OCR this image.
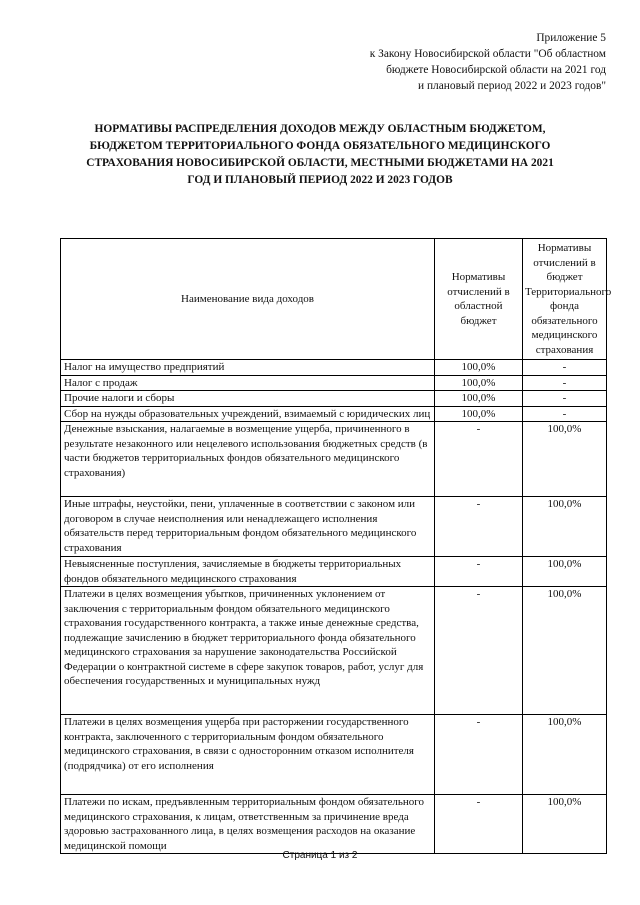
Приложение 5
к Закону Новосибирской области "Об областном
бюджете Новосибирской области на 2021 год
и плановый период 2022 и 2023 годов"
НОРМАТИВЫ РАСПРЕДЕЛЕНИЯ ДОХОДОВ МЕЖДУ ОБЛАСТНЫМ БЮДЖЕТОМ,
БЮДЖЕТОМ ТЕРРИТОРИАЛЬНОГО ФОНДА ОБЯЗАТЕЛЬНОГО МЕДИЦИНСКОГО
СТРАХОВАНИЯ НОВОСИБИРСКОЙ ОБЛАСТИ, МЕСТНЫМИ БЮДЖЕТАМИ НА 2021
ГОД И ПЛАНОВЫЙ ПЕРИОД 2022 И 2023 ГОДОВ
Наименование вида доходов	Нормативы отчислений в областной бюджет	Нормативы отчислений в бюджет Территориального фонда обязательного медицинского страхования
Налог на имущество предприятий	100,0%	-
Налог с продаж	100,0%	-
Прочие налоги и сборы	100,0%	-
Сбор на нужды образовательных учреждений, взимаемый с юридических лиц	100,0%	-
Денежные взыскания, налагаемые в возмещение ущерба, причиненного в результате незаконного или нецелевого использования бюджетных средств (в части бюджетов территориальных фондов обязательного медицинского страхования)	-	100,0%
Иные штрафы, неустойки, пени, уплаченные в соответствии с законом или договором в случае неисполнения или ненадлежащего исполнения обязательств перед территориальным фондом обязательного медицинского страхования	-	100,0%
Невыясненные поступления, зачисляемые в бюджеты территориальных фондов обязательного медицинского страхования	-	100,0%
Платежи в целях возмещения убытков, причиненных уклонением от заключения с территориальным фондом обязательного медицинского страхования государственного контракта, а также иные денежные средства, подлежащие зачислению в бюджет территориального фонда обязательного медицинского страхования за нарушение законодательства Российской Федерации о контрактной системе в сфере закупок товаров, работ, услуг для обеспечения государственных и муниципальных нужд	-	100,0%
Платежи в целях возмещения ущерба при расторжении государственного контракта, заключенного с территориальным фондом обязательного медицинского страхования, в связи с односторонним отказом исполнителя (подрядчика) от его исполнения	-	100,0%
Платежи по искам, предъявленным территориальным фондом обязательного медицинского страхования, к лицам, ответственным за причинение вреда здоровью застрахованного лица, в целях возмещения расходов на оказание медицинской помощи	-	100,0%
Страница 1 из 2
